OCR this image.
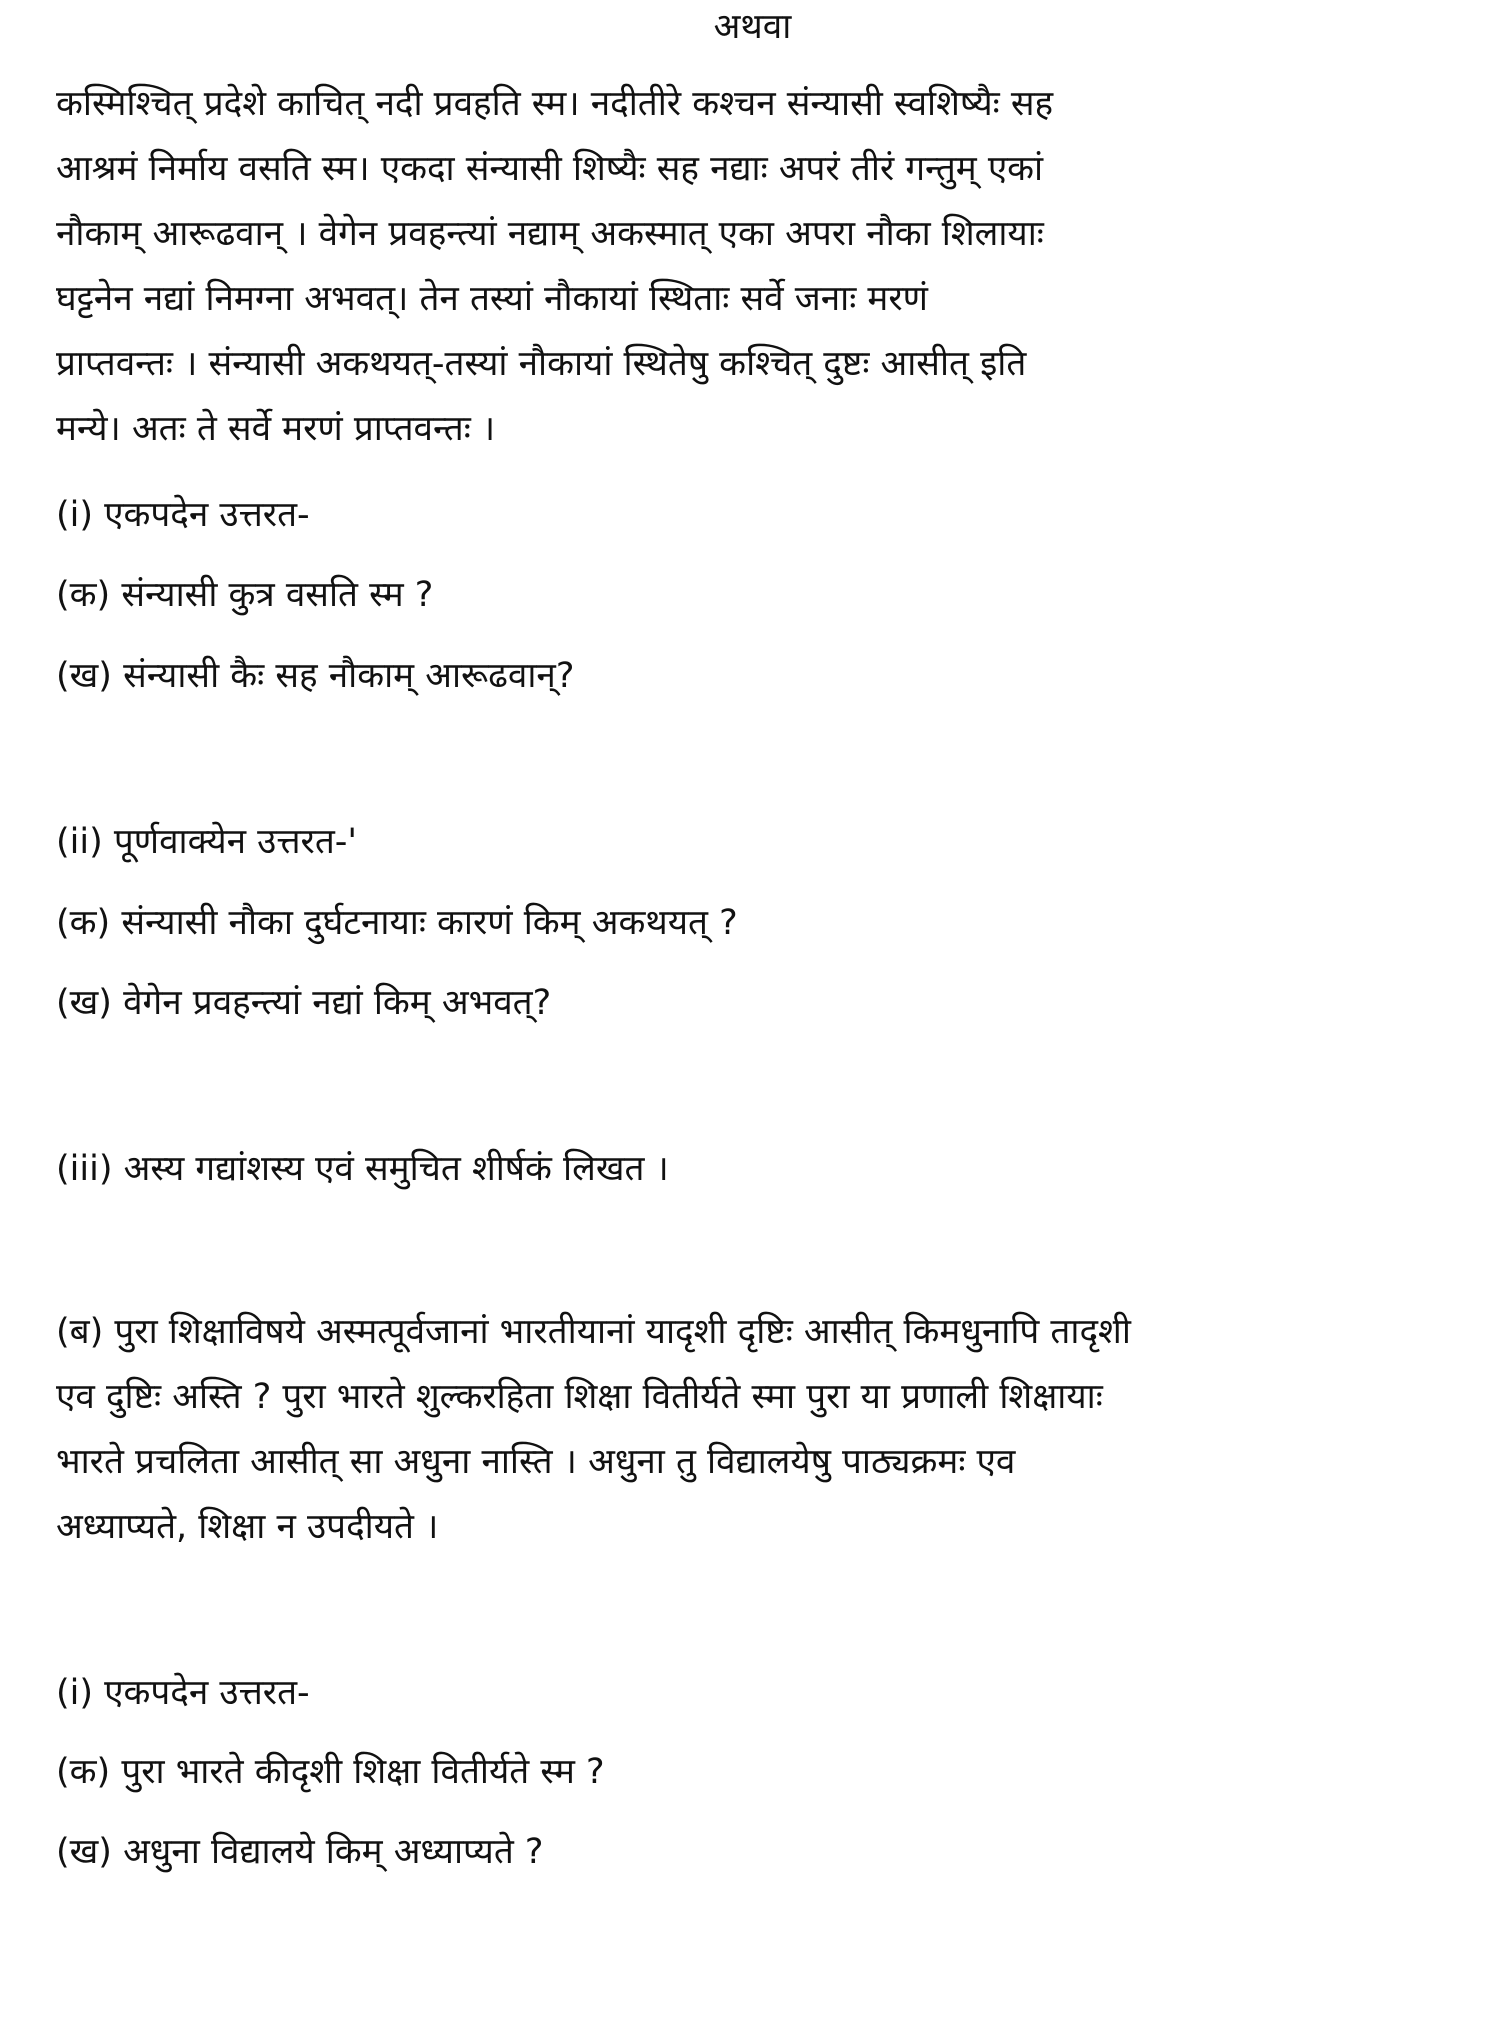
अथवा
कस्मिश्चित् प्रदेशे काचित् नदी प्रवहति स्म। नदीतीरे कश्चन संन्यासी स्वशिष्यैः सह
आश्रमं निर्माय वसति स्म। एकदा संन्यासी शिष्यैः सह नद्याः अपरं तीरं गन्तुम् एकां
नौकाम् आरूढवान् । वेगेन प्रवहन्त्यां नद्याम् अकस्मात् एका अपरा नौका शिलायाः
घट्टनेन नद्यां निमग्ना अभवत्। तेन तस्यां नौकायां स्थिताः सर्वे जनाः मरणं
प्राप्तवन्तः । संन्यासी अकथयत्-तस्यां नौकायां स्थितेषु कश्चित् दुष्टः आसीत् इति
मन्ये। अतः ते सर्वे मरणं प्राप्तवन्तः ।
(i) एकपदेन उत्तरत-
(क) संन्यासी कुत्र वसति स्म ?
(ख) संन्यासी कैः सह नौकाम् आरूढवान्?
(ii) पूर्णवाक्येन उत्तरत-'
(क) संन्यासी नौका दुर्घटनायाः कारणं किम् अकथयत् ?
(ख) वेगेन प्रवहन्त्यां नद्यां किम् अभवत्?
(iii) अस्य गद्यांशस्य एवं समुचित शीर्षकं लिखत ।
(ब) पुरा शिक्षाविषये अस्मत्पूर्वजानां भारतीयानां यादृशी दृष्टिः आसीत् किमधुनापि तादृशी
एव दुष्टिः अस्ति ? पुरा भारते शुल्करहिता शिक्षा वितीर्यते स्मा पुरा या प्रणाली शिक्षायाः
भारते प्रचलिता आसीत् सा अधुना नास्ति । अधुना तु विद्यालयेषु पाठ्यक्रमः एव
अध्याप्यते, शिक्षा न उपदीयते ।
(i) एकपदेन उत्तरत-
(क) पुरा भारते कीदृशी शिक्षा वितीर्यते स्म ?
(ख) अधुना विद्यालये किम् अध्याप्यते ?
